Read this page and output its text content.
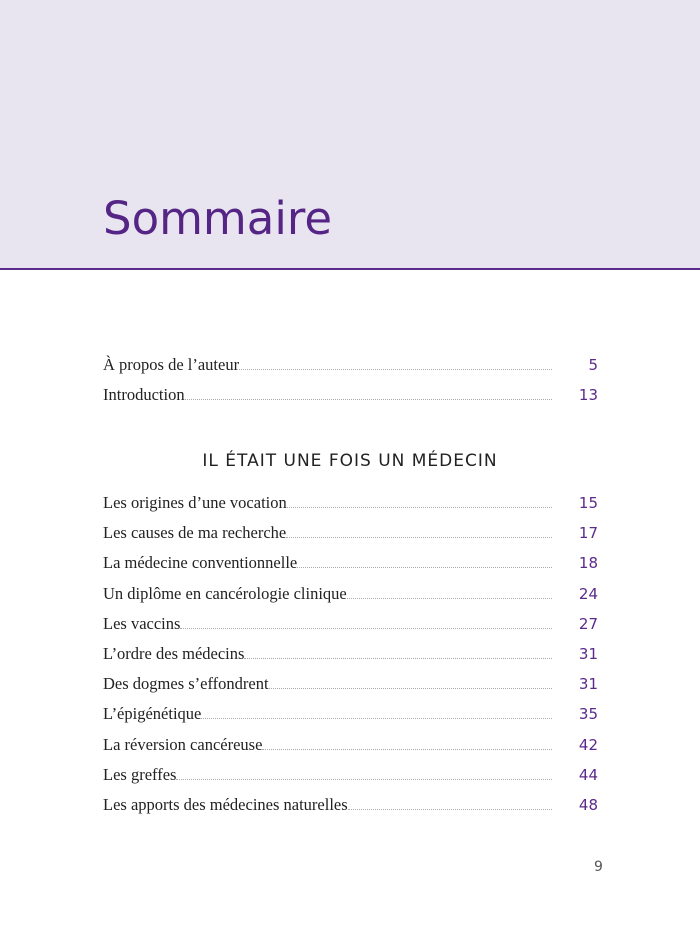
Sommaire
À propos de l’auteur	5
Introduction	13
Les origines d’une vocation	15
Les causes de ma recherche	17
La médecine conventionnelle	18
Un diplôme en cancérologie clinique	24
Les vaccins	27
L’ordre des médecins	31
Des dogmes s’effondrent	31
L’épigénétique	35
La réversion cancéreuse	42
Les greffes	44
Les apports des médecines naturelles	48
IL ÉTAIT UNE FOIS UN MÉDECIN
9
